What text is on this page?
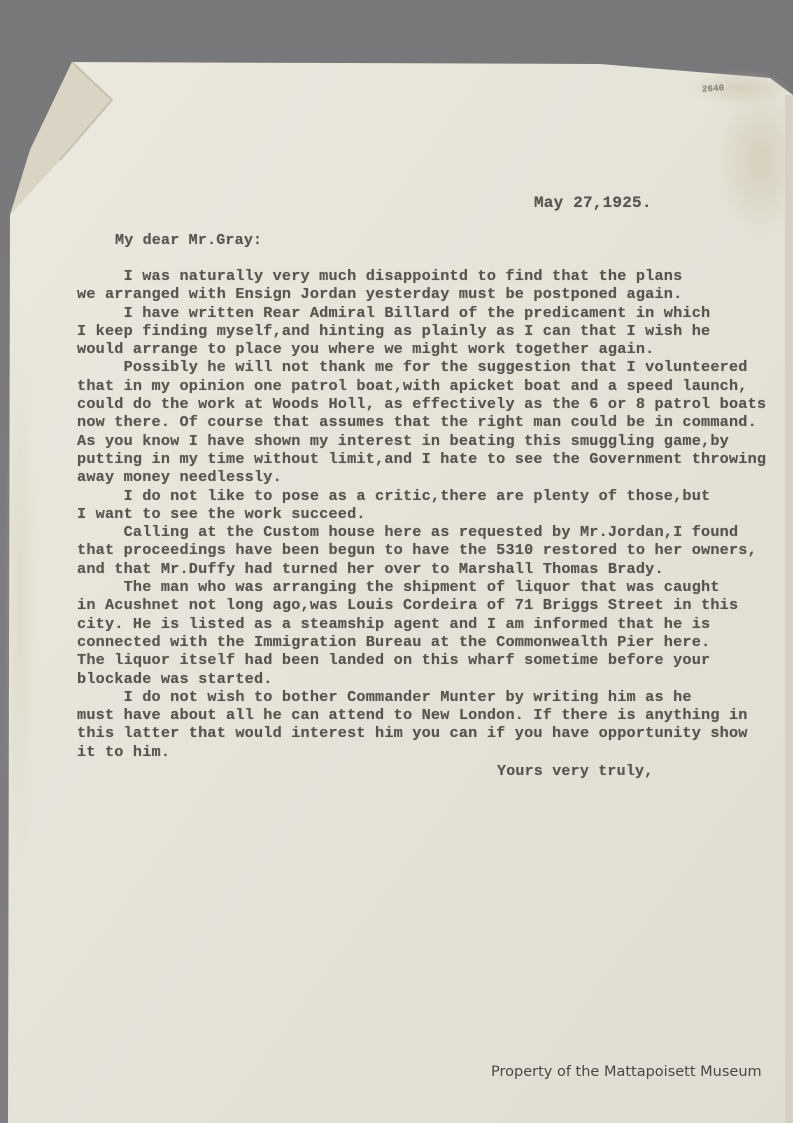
2640
May 27,1925.
My dear Mr.Gray:
I was naturally very much disappointd to find that the plans
we arranged with Ensign Jordan yesterday must be postponed again.
I have written Rear Admiral Billard of the predicament in which
I keep finding myself,and hinting as plainly as I can that I wish he
would arrange to place you where we might work together again.
Possibly he will not thank me for the suggestion that I volunteered
that in my opinion one patrol boat,with apicket boat and a speed launch,
could do the work at Woods Holl, as effectively as the 6 or 8 patrol boats
now there. Of course that assumes that the right man could be in command.
As you know I have shown my interest in beating this smuggling game,by
putting in my time without limit,and I hate to see the Government throwing
away money needlessly.
I do not like to pose as a critic,there are plenty of those,but
I want to see the work succeed.
Calling at the Custom house here as requested by Mr.Jordan,I found
that proceedings have been begun to have the 5310 restored to her owners,
and that Mr.Duffy had turned her over to Marshall Thomas Brady.
The man who was arranging the shipment of liquor that was caught
in Acushnet not long ago,was Louis Cordeira of 71 Briggs Street in this
city. He is listed as a steamship agent and I am informed that he is
connected with the Immigration Bureau at the Commonwealth Pier here.
The liquor itself had been landed on this wharf sometime before your
blockade was started.
I do not wish to bother Commander Munter by writing him as he
must have about all he can attend to New London. If there is anything in
this latter that would interest him you can if you have opportunity show
it to him.
Yours very truly,
Property of the Mattapoisett Museum
